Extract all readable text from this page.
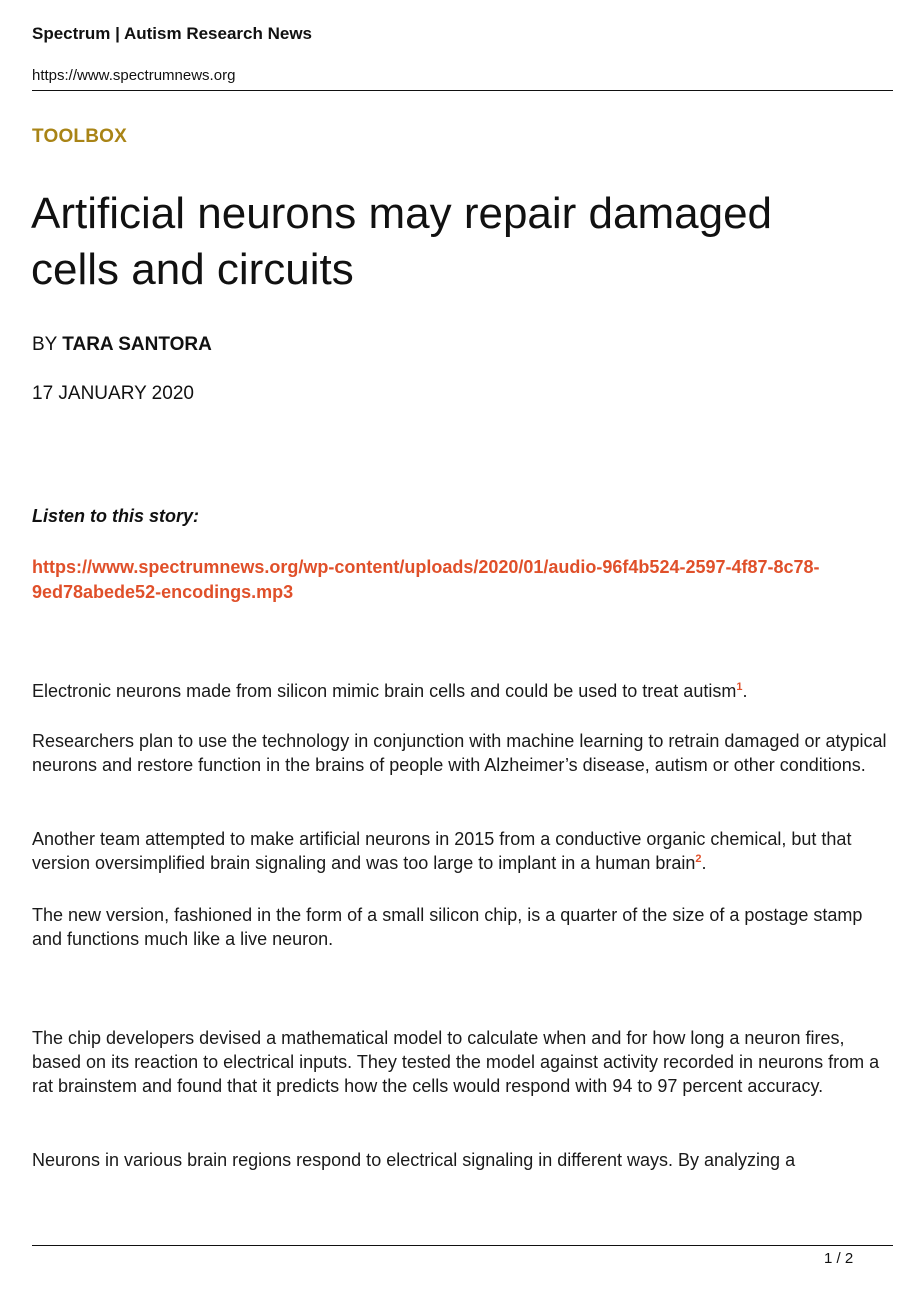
Spectrum | Autism Research News
https://www.spectrumnews.org
TOOLBOX
Artificial neurons may repair damaged cells and circuits
BY TARA SANTORA
17 JANUARY 2020
Listen to this story:
https://www.spectrumnews.org/wp-content/uploads/2020/01/audio-96f4b524-2597-4f87-8c78-9ed78abede52-encodings.mp3

Electronic neurons made from silicon mimic brain cells and could be used to treat autism$^1$.

Researchers plan to use the technology in conjunction with machine learning to retrain damaged or atypical neurons and restore function in the brains of people with Alzheimer’s disease, autism or other conditions.

Another team attempted to make artificial neurons in 2015 from a conductive organic chemical, but that version oversimplified brain signaling and was too large to implant in a human brain$^2$.

The new version, fashioned in the form of a small silicon chip, is a quarter of the size of a postage stamp and functions much like a live neuron.

The chip developers devised a mathematical model to calculate when and for how long a neuron fires, based on its reaction to electrical inputs. They tested the model against activity recorded in neurons from a rat brainstem and found that it predicts how the cells would respond with 94 to 97 percent accuracy.

Neurons in various brain regions respond to electrical signaling in different ways. By analyzing a

1 / 2
